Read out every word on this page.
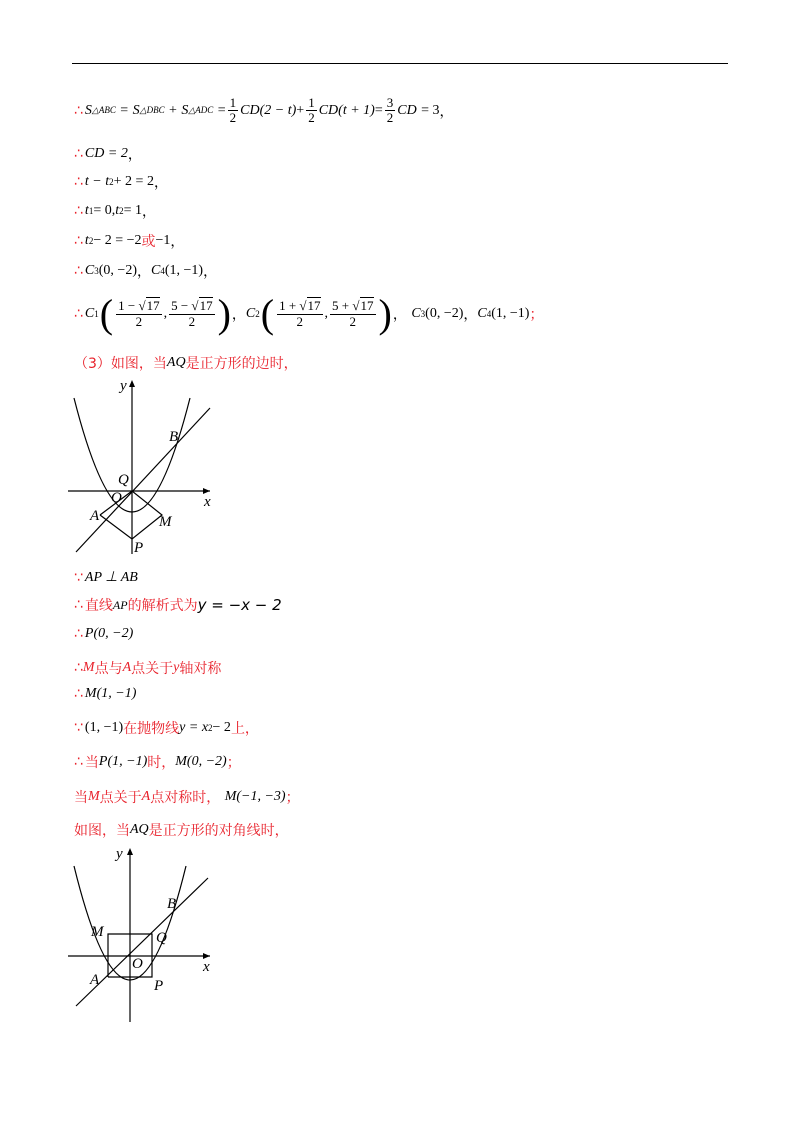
∴ S △ABC
=
S △DBC
+
S △ADC
= $\frac{1}{2}$ CD $(2 - t) + \frac{1}{2}$ CD $(t + 1) = \frac{3}{2}$ CD
= 3 ，
∴ CD = 2 ，
∴ t − t 2 + 2 = 2 ，
∴ t 1 = 0, t 2 = 1 ，
∴ t 2 − 2 = −2 或 −1 ，
∴ C 3 (0, −2) ， C 4 (1, −1) ，
∴ C 1 ( $\frac{1 - √17}{2}$ , $\frac{5 - √17}{2}$ ) ， C 2 ( $\frac{1 + √17}{2}$ , $\frac{5 + √17}{2}$ ) ，
C 3 (0, −2) ， C 4 (1, −1) ；
（3）如图，当 AQ 是正方形的边时，
y
x
B
Q
O
A	M
P
∵ AP ⊥ AB
∴ 直线 AP 的解析式为 y = −x − 2
∴ P(0, −2)
∴ M 点与 A 点关于 y 轴对称
∴ M(1, −1)
∵ (1, −1) 在抛物线 y = x 2 − 2 上，
∴ 当 P(1, −1) 时， M(0, −2) ；
当 M 点关于 A 点对称时，
M(−1, −3) ；
如图，当 AQ 是正方形的对角线时，
y
x
B
M	Q
O
A	P
